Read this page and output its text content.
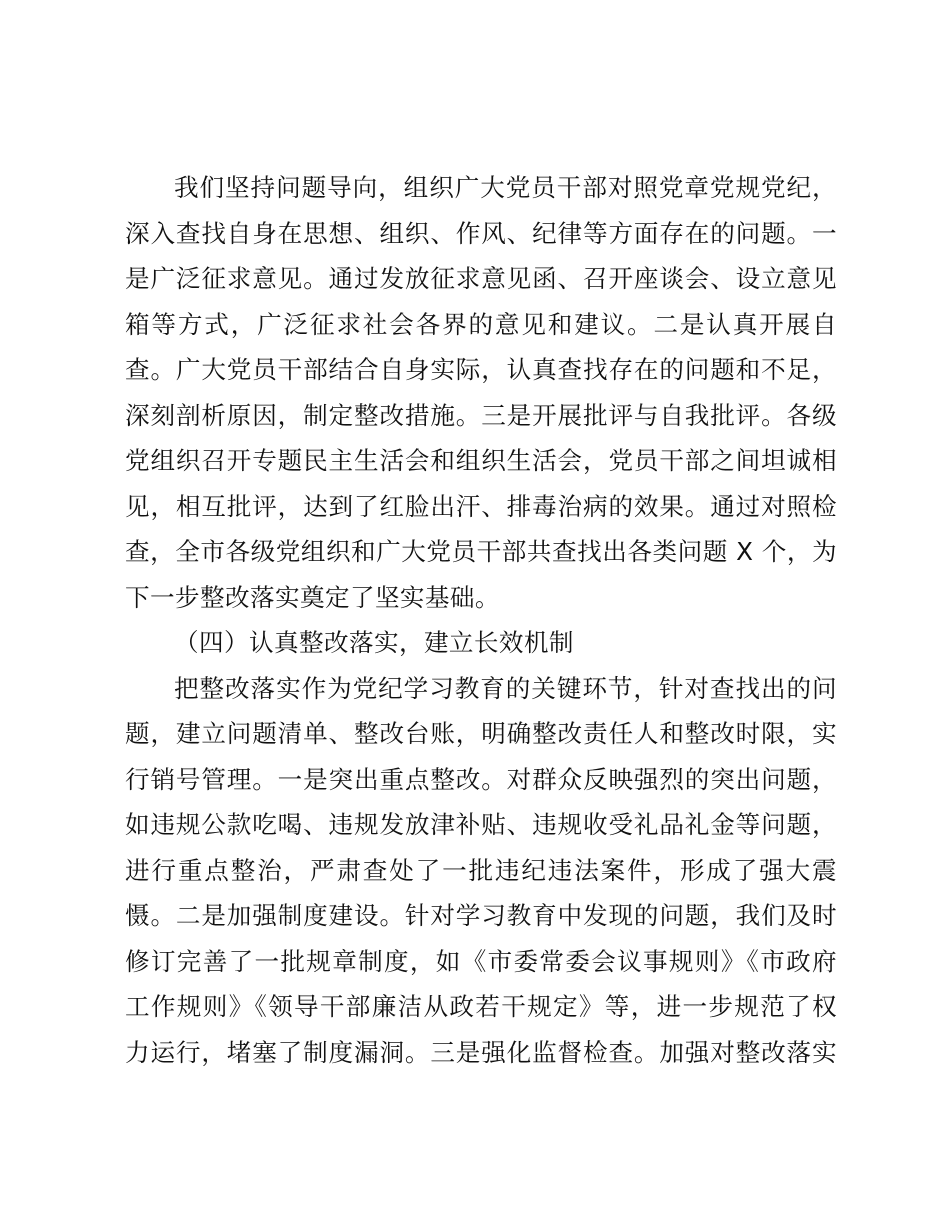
我们坚持问题导向，组织广大党员干部对照党章党规党纪，
深入查找自身在思想、组织、作风、纪律等方面存在的问题。一
是广泛征求意见。通过发放征求意见函、召开座谈会、设立意见
箱等方式，广泛征求社会各界的意见和建议。二是认真开展自
查。广大党员干部结合自身实际，认真查找存在的问题和不足，
深刻剖析原因，制定整改措施。三是开展批评与自我批评。各级
党组织召开专题民主生活会和组织生活会，党员干部之间坦诚相
见，相互批评，达到了红脸出汗、排毒治病的效果。通过对照检
查，全市各级党组织和广大党员干部共查找出各类问题 X 个，为
下一步整改落实奠定了坚实基础。
（四）认真整改落实，建立长效机制
把整改落实作为党纪学习教育的关键环节，针对查找出的问
题，建立问题清单、整改台账，明确整改责任人和整改时限，实
行销号管理。一是突出重点整改。对群众反映强烈的突出问题，
如违规公款吃喝、违规发放津补贴、违规收受礼品礼金等问题，
进行重点整治，严肃查处了一批违纪违法案件，形成了强大震
慑。二是加强制度建设。针对学习教育中发现的问题，我们及时
修订完善了一批规章制度，如《市委常委会议事规则》《市政府
工作规则》《领导干部廉洁从政若干规定》等，进一步规范了权
力运行，堵塞了制度漏洞。三是强化监督检查。加强对整改落实
